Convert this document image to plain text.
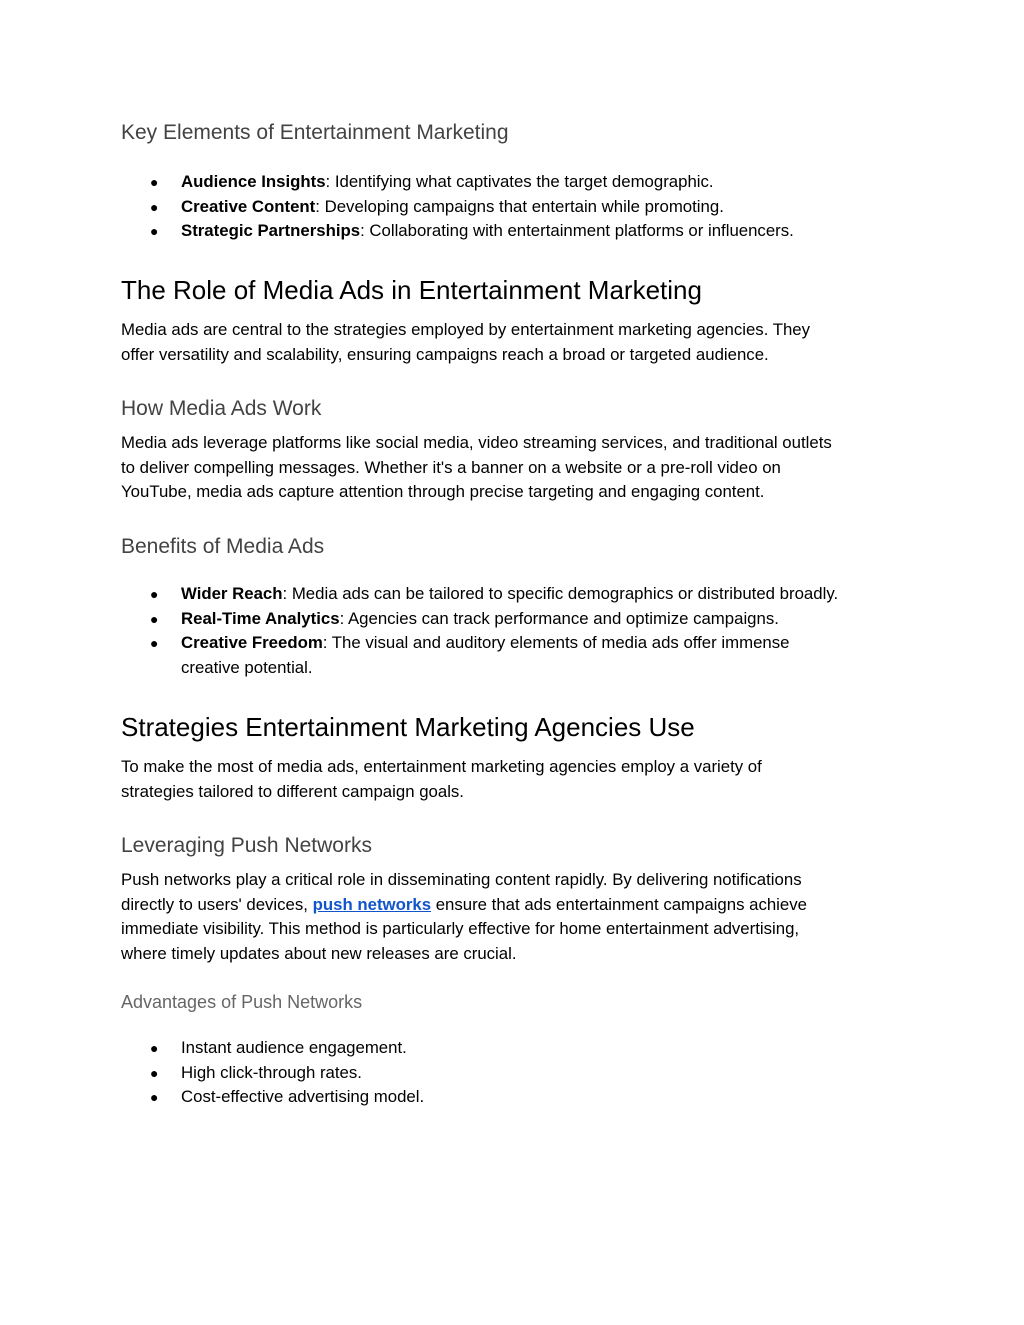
Key Elements of Entertainment Marketing
● Audience Insights: Identifying what captivates the target demographic.
● Creative Content: Developing campaigns that entertain while promoting.
● Strategic Partnerships: Collaborating with entertainment platforms or influencers.
The Role of Media Ads in Entertainment Marketing

Media ads are central to the strategies employed by entertainment marketing agencies. They
offer versatility and scalability, ensuring campaigns reach a broad or targeted audience.

How Media Ads Work

Media ads leverage platforms like social media, video streaming services, and traditional outlets
to deliver compelling messages. Whether it's a banner on a website or a pre-roll video on
YouTube, media ads capture attention through precise targeting and engaging content.

Benefits of Media Ads
● Wider Reach: Media ads can be tailored to specific demographics or distributed broadly.
● Real-Time Analytics: Agencies can track performance and optimize campaigns.
● Creative Freedom: The visual and auditory elements of media ads offer immense
creative potential.
Strategies Entertainment Marketing Agencies Use

To make the most of media ads, entertainment marketing agencies employ a variety of
strategies tailored to different campaign goals.

Leveraging Push Networks

Push networks play a critical role in disseminating content rapidly. By delivering notifications
directly to users' devices, push networks ensure that ads entertainment campaigns achieve
immediate visibility. This method is particularly effective for home entertainment advertising,
where timely updates about new releases are crucial.

Advantages of Push Networks
● Instant audience engagement.
● High click-through rates.
● Cost-effective advertising model.
